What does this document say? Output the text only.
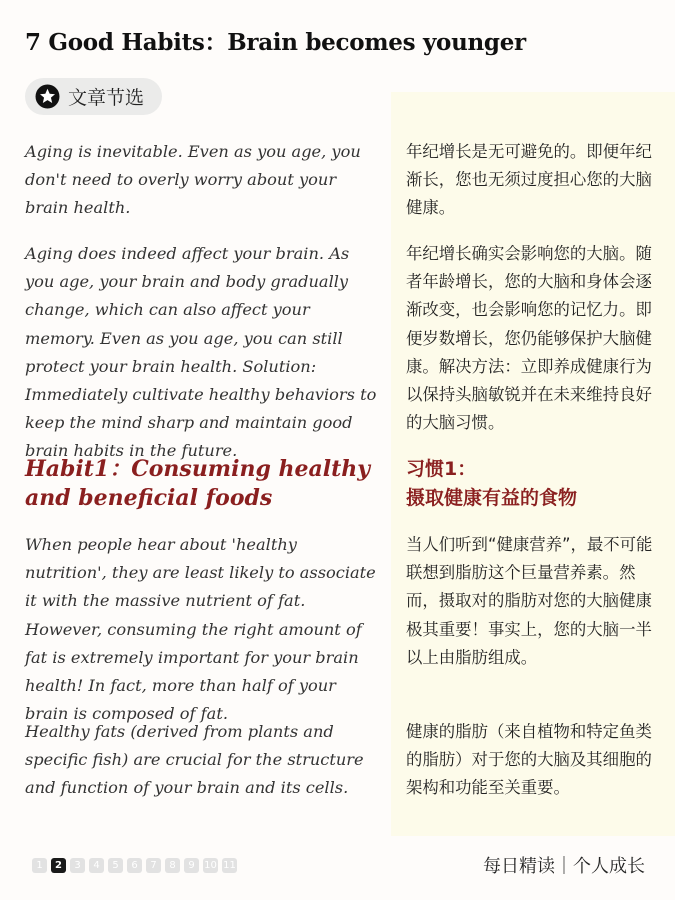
7 Good Habits：Brain becomes younger
文章节选

Aging is inevitable. Even as you age, you don't need to overly worry about your brain health.

Aging does indeed affect your brain. As you age, your brain and body gradually change, which can also affect your memory. Even as you age, you can still protect your brain health. Solution: Immediately cultivate healthy behaviors to keep the mind sharp and maintain good brain habits in the future.

Habit1：Consuming healthy and beneficial foods

When people hear about 'healthy nutrition', they are least likely to associate it with the massive nutrient of fat. However, consuming the right amount of fat is extremely important for your brain health! In fact, more than half of your brain is composed of fat.

Healthy fats (derived from plants and specific fish) are crucial for the structure and function of your brain and its cells.

年纪增长是无可避免的。即便年纪渐长，您也无须过度担心您的大脑健康。

年纪增长确实会影响您的大脑。随者年龄增长，您的大脑和身体会逐渐改变，也会影响您的记忆力。即便岁数增长，您仍能够保护大脑健康。解决方法：立即养成健康行为以保持头脑敏锐并在未来维持良好的大脑习惯。

习惯1：
摄取健康有益的食物

当人们听到“健康营养”，最不可能联想到脂肪这个巨量营养素。然而，摄取对的脂肪对您的大脑健康极其重要！事实上，您的大脑一半以上由脂肪组成。

健康的脂肪（来自植物和特定鱼类的脂肪）对于您的大脑及其细胞的架构和功能至关重要。

1	2	3	4	5	6	7	8	9 10 11	每日精读｜个人成长
